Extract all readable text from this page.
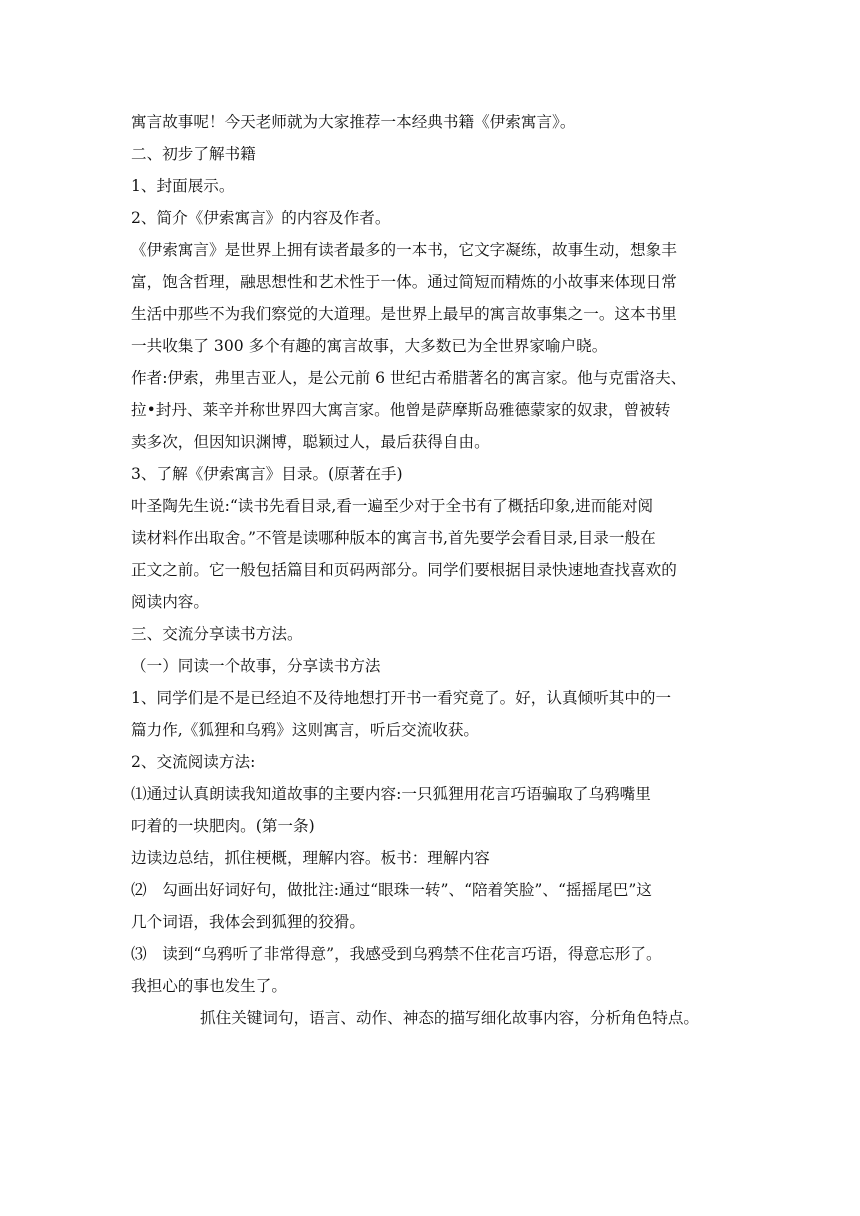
寓言故事呢！今天老师就为大家推荐一本经典书籍《伊索寓言》。

二、初步了解书籍

1、封面展示。

2、简介《伊索寓言》的内容及作者。

《伊索寓言》是世界上拥有读者最多的一本书，它文字凝练，故事生动，想象丰

富，饱含哲理，融思想性和艺术性于一体。通过简短而精炼的小故事来体现日常

生活中那些不为我们察觉的大道理。是世界上最早的寓言故事集之一。这本书里

一共收集了 300 多个有趣的寓言故事，大多数已为全世界家喻户晓。

作者:伊索，弗里吉亚人，是公元前 6 世纪古希腊著名的寓言家。他与克雷洛夫、

拉•封丹、莱辛并称世界四大寓言家。他曾是萨摩斯岛雅德蒙家的奴隶，曾被转

卖多次，但因知识渊博，聪颖过人，最后获得自由。

3、了解《伊索寓言》目录。(原著在手)

叶圣陶先生说:“读书先看目录,看一遍至少对于全书有了概括印象,进而能对阅

读材料作出取舍。”不管是读哪种版本的寓言书,首先要学会看目录,目录一般在

正文之前。它一般包括篇目和页码两部分。同学们要根据目录快速地查找喜欢的

阅读内容。

三、交流分享读书方法。

（一）同读一个故事，分享读书方法

1、同学们是不是已经迫不及待地想打开书一看究竟了。好，认真倾听其中的一

篇力作,《狐狸和乌鸦》这则寓言，听后交流收获。

2、交流阅读方法:

⑴通过认真朗读我知道故事的主要内容:一只狐狸用花言巧语骗取了乌鸦嘴里

叼着的一块肥肉。(第一条)

边读边总结，抓住梗概，理解内容。板书：理解内容

⑵　勾画出好词好句，做批注:通过“眼珠一转”、“陪着笑脸”、“摇摇尾巴”这

几个词语，我体会到狐狸的狡猾。

⑶　读到“乌鸦听了非常得意”，我感受到乌鸦禁不住花言巧语，得意忘形了。

我担心的事也发生了。

抓住关键词句，语言、动作、神态的描写细化故事内容，分析角色特点。
